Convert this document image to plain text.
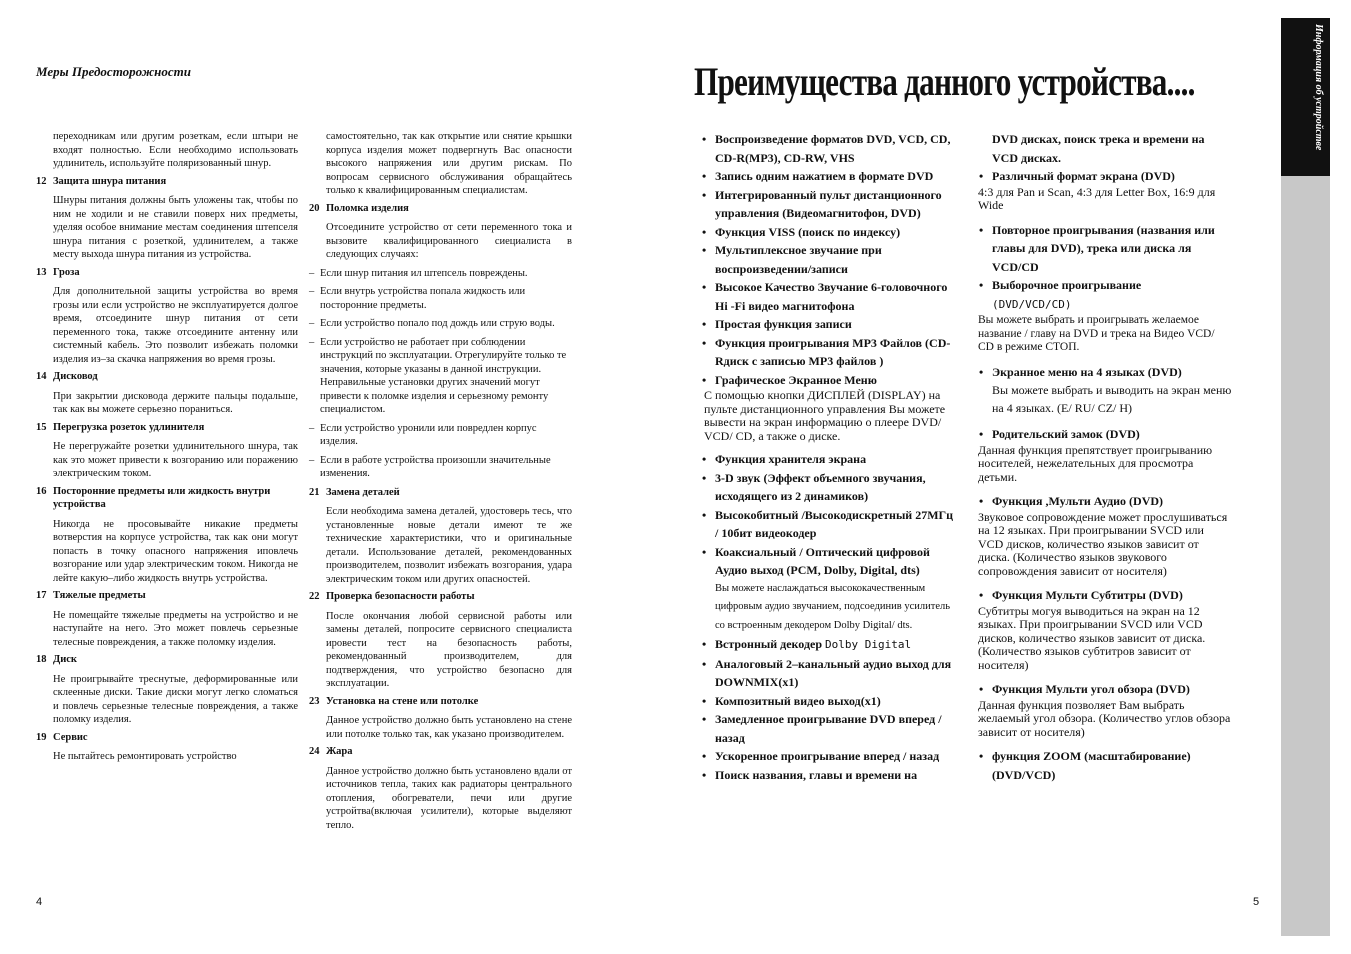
Меры Предосторожности

переходникам или другим розеткам, если штыри не входят полностью. Если необходимо использовать удлинитель, используйте поляризованный шнур.

12 Защита шнура питания

Шнуры питания должны быть уложены так, чтобы по ним не ходили и не ставили поверх них предметы, уделяя особое внимание местам соединения штепселя шнура питания с розеткой, удлинителем, а также месту выхода шнура питания из устройства.

13 Гроза

Для дополнительной защиты устройства во время грозы или если устройство не эксплуатируется долгое время, отсоедините шнур питания от сети переменного тока, также отсоедините антенну или системный кабель. Это позволит избежать поломки изделия из–за скачка напряжения во время грозы.

14 Дисковод

При закрытии дисковода держите пальцы подальше, так как вы можете серьезно пораниться.

15 Перегрузка розеток удлинителя

Не перегружайте розетки удлинительного шнура, так как это может привести к возгоранию или поражению электрическим током.

16 Посторонние предметы или жидкость внутри устройства

Никогда не просовывайте никакие предметы вотверстия на корпусе устройства, так как они могут попасть в точку опасного напряжения иповлечь возгорание или удар электрическим током. Никогда не лейте какую–либо жидкость внутрь устройства.

17 Тяжелые предметы

Не помещайте тяжелые предметы на устройство и не наступайте на него. Это может повлечь серьезные телесные повреждения, а также поломку изделия.

18 Диск

Не проигрывайте треснутые, деформированные или склеенные диски. Такие диски могут легко сломаться и повлечь серьезные телесные повреждения, а также поломку изделия.

19 Сервис

Не пытайтесь ремонтировать устройство

самостоятельно, так как открытие или снятие крышки корпуса изделия может подвергнуть Вас опасности высокого напряжения или другим рискам. По вопросам сервисного обслуживания обращайтесь только к квалифицированным специалистам.

20 Поломка изделия

Отсоедините устройство от сети переменного тока и вызовите квалифицированного сиециалиста в следующих случаях:

– Если шнур питания ил штепсель повреждены.
– Если внутрь устройства попала жидкость или посторонние предметы.
– Если устройство попало под дождь или струю воды.
– Если устройство не работает при соблюдении инструкций по эксплуатации. Отрегулируйте только те значения, которые указаны в данной инструкции. Неправильные установки других значений могут привести к поломке изделия и серьезному ремонту специалистом.
– Если устройство уронили или повредлен корпус изделия.
– Если в работе устройства произошли значительные изменения.
21 Замена деталей

Если необходима замена деталей, удостоверь тесь, что установленные новые детали имеют те же технические характеристики, что и оригинальные детали. Использование деталей, рекомендованных производителем, позволит избежать возгорания, удара электрическим током или других опасностей.

22 Проверка безопасности работы

После окончания любой сервисной работы или замены деталей, попросите сервисного специалиста ировести тест на безопасность работы, рекомендованный производителем, для подтверждения, что устройство безопасно для эксплуатации.

23 Установка на стене или потолке

Данное устройство должно быть установлено на стене или потолке только так, как указано производителем.

24 Жара

Данное устройство должно быть установлено вдали от источников тепла, таких как радиаторы центрального отопления, обогреватели, печи или другие устройтва(включая усилители), которые выделяют тепло.

4
Преимущества данного устройства....	Информация об устройстве
• Воспроизведение форматов DVD, VCD, CD, CD-R(MP3), CD-RW, VHS
• Запись одним нажатием в формате DVD
• Интегрированный пульт дистанционного управления (Видеомагнитофон, DVD)
• Функция VISS (поиск по индексу)
• Мультиплексное звучание при воспроизведении/записи
• Высокое Качество Звучание 6-головочного Hi -Fi видео магнитофона
• Простая функция записи
• Функция проигрывания MP3 Файлов (CD-Rдиск с записью MP3 файлов )
• Графическое Экранное Меню

С помощью кнопки ДИСПЛЕЙ (DISPLAY) на пульте дистанционного управления Вы можете вывести на экран информацию о плеере DVD/ VCD/ CD, а также о диске.

• Функция хранителя экрана
• 3-D звук (Эффект объемного звучания, исходящего из 2 динамиков)
• Высокобитный /Высокодискретный 27МГц / 10бит видеокодер
• Коаксиальный / Оптический цифровой Аудио выход (PCM, Dolby, Digital, dts)

Вы можете наслаждаться высококачественным цифровым аудио звучанием, подсоединив усилитель со встроенным декодером Dolby Digital/ dts.

• Встронный декодер Dolby Digital
• Аналоговый 2–канальный аудио выход для DOWNMIX(x1)
• Композитный видео выход(x1)
• Замедленное проигрывание DVD вперед / назад
• Ускоренное проигрывание вперед / назад
• Поиск названия, главы и времени на
DVD дисках, поиск трека и времени на VCD дисках.
• Различный формат экрана (DVD)

4:3 для Pan и Scan, 4:3 для Letter Box, 16:9 для Wide

• Повторное проигрывания (названия или главы для DVD), трека или диска ля VCD/CD
• Выборочное проигрывание
(DVD/VCD/CD)

Вы можете выбрать и проигрывать желаемое название / главу на DVD и трека на Видео VCD/ CD в режиме СТОП.

• Экранное меню на 4 языках (DVD)

Вы можете выбрать и выводить на экран меню на 4 языках. (E/ RU/ CZ/ H)

• Родительский замок (DVD)

Данная функция препятствует проигрыванию носителей, нежелательных для просмотра детьми.

• Функция ,Мульти Аудио (DVD)

Звуковое сопровождение может прослушиваться на 12 языках. При проигрывании SVCD или VCD дисков, количество языков зависит от диска. (Количество языков звукового сопровождения зависит от носителя)

• Функция Мульти Субтитры (DVD)

Субтитры могуя выводиться на экран на 12 языках. При проигрывании SVCD или VCD дисков, количество языков зависит от диска. (Количество языков субтитров зависит от носителя)

• Функция Мульти угол обзора (DVD)

Данная функция позволяет Вам выбрать желаемый угол обзора. (Количество углов обзора зависит от носителя)

• функция ZOOM (масштабирование) (DVD/VCD)
5
